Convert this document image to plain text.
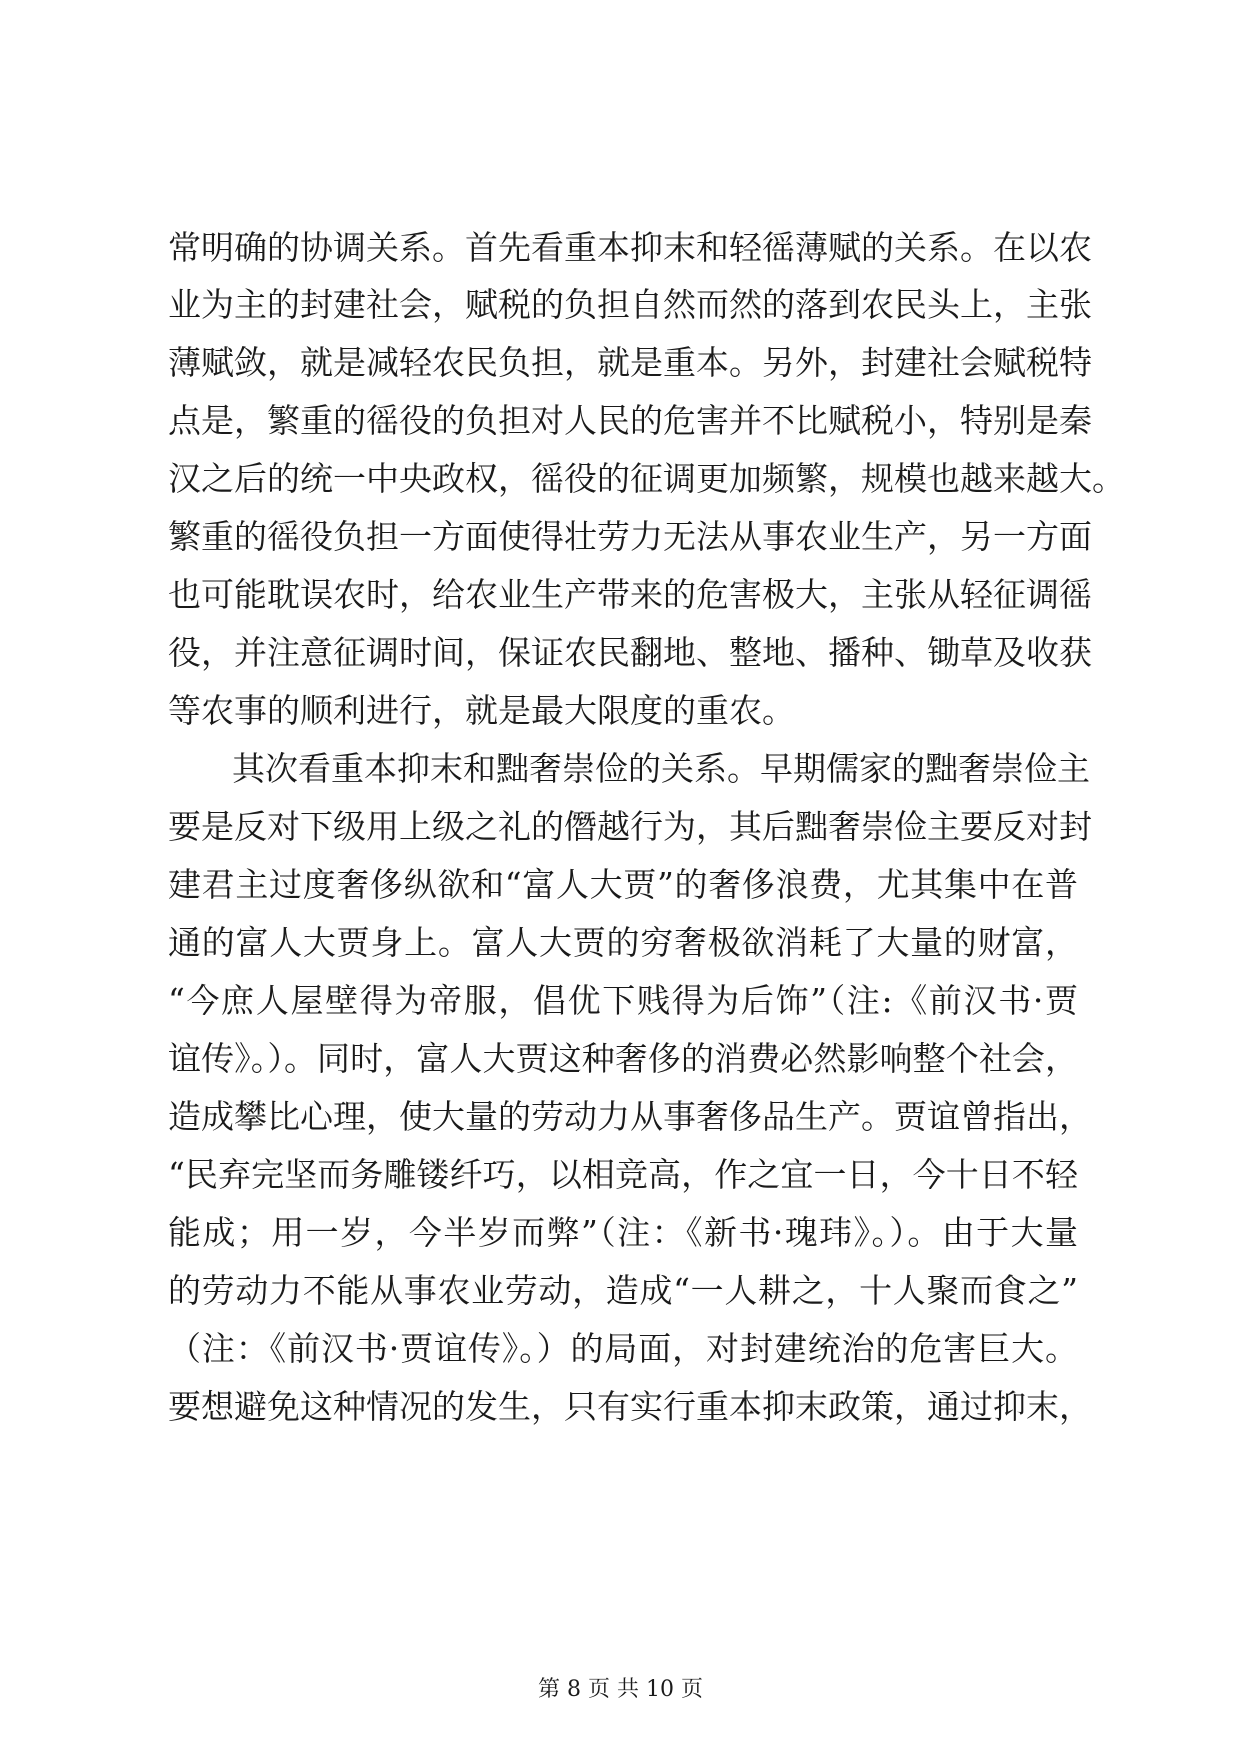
常明确的协调关系。首先看重本抑末和轻徭薄赋的关系。在以农
业为主的封建社会，赋税的负担自然而然的落到农民头上，主张
薄赋敛，就是减轻农民负担，就是重本。另外，封建社会赋税特
点是，繁重的徭役的负担对人民的危害并不比赋税小，特别是秦
汉之后的统一中央政权，徭役的征调更加频繁，规模也越来越大。
繁重的徭役负担一方面使得壮劳力无法从事农业生产，另一方面
也可能耽误农时，给农业生产带来的危害极大，主张从轻征调徭
役，并注意征调时间，保证农民翻地、整地、播种、锄草及收获
等农事的顺利进行，就是最大限度的重农。
其次看重本抑末和黜奢崇俭的关系。早期儒家的黜奢崇俭主
要是反对下级用上级之礼的僭越行为，其后黜奢崇俭主要反对封
建君主过度奢侈纵欲和“富人大贾”的奢侈浪费，尤其集中在普
通的富人大贾身上。富人大贾的穷奢极欲消耗了大量的财富，
“今庶人屋壁得为帝服，倡优下贱得为后饰”（注:《前汉书·贾
谊传》。）。同时，富人大贾这种奢侈的消费必然影响整个社会，
造成攀比心理，使大量的劳动力从事奢侈品生产。贾谊曾指出，
“民弃完坚而务雕镂纤巧，以相竞高，作之宜一日，今十日不轻
能成；用一岁，今半岁而弊”（注：《新书·瑰玮》。）。由于大量
的劳动力不能从事农业劳动，造成“一人耕之，十人聚而食之”
（注：《前汉书·贾谊传》。）的局面，对封建统治的危害巨大。
要想避免这种情况的发生，只有实行重本抑末政策，通过抑末，
第 8 页 共 10 页
